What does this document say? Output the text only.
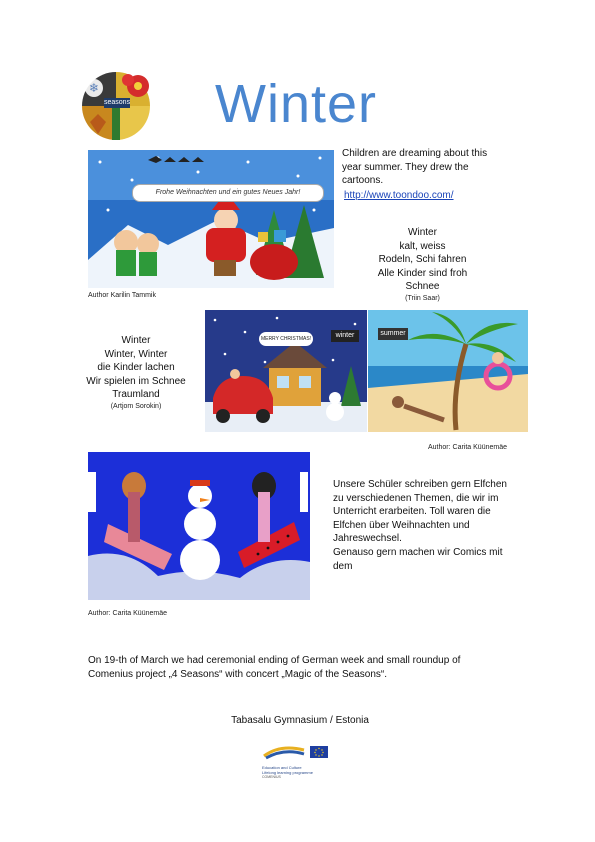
❄
seasons Winter
Frohe Weihnachten und ein gutes Neues Jahr!
Author Karilin Tammik
Children are dreaming about this
year summer. They drew the
cartoons.
http://www.toondoo.com/
Winter
kalt, weiss
Rodeln, Schi fahren
Alle Kinder sind froh
Schnee
(Triin Saar)
Winter
Winter, Winter
die Kinder lachen
Wir spielen im Schnee
Traumland
(Artjom Sorokin)
MERRY CHRISTMAS!	winter	summer
Author: Carita Küünemäe
Author: Carita Küünemäe
Unsere Schüler schreiben gern Elfchen
zu verschiedenen Themen, die wir im
Unterricht erarbeiten. Toll waren die
Elfchen über Weihnachten und
Jahreswechsel.
Genauso gern machen wir Comics mit
dem
On 19-th of March we had ceremonial ending of German week and small roundup of
Comenius project „4 Seasons“ with concert „Magic of the Seasons“.
Tabasalu Gymnasium / Estonia
Education and Culture
Lifelong learning programme
COMENIUS
